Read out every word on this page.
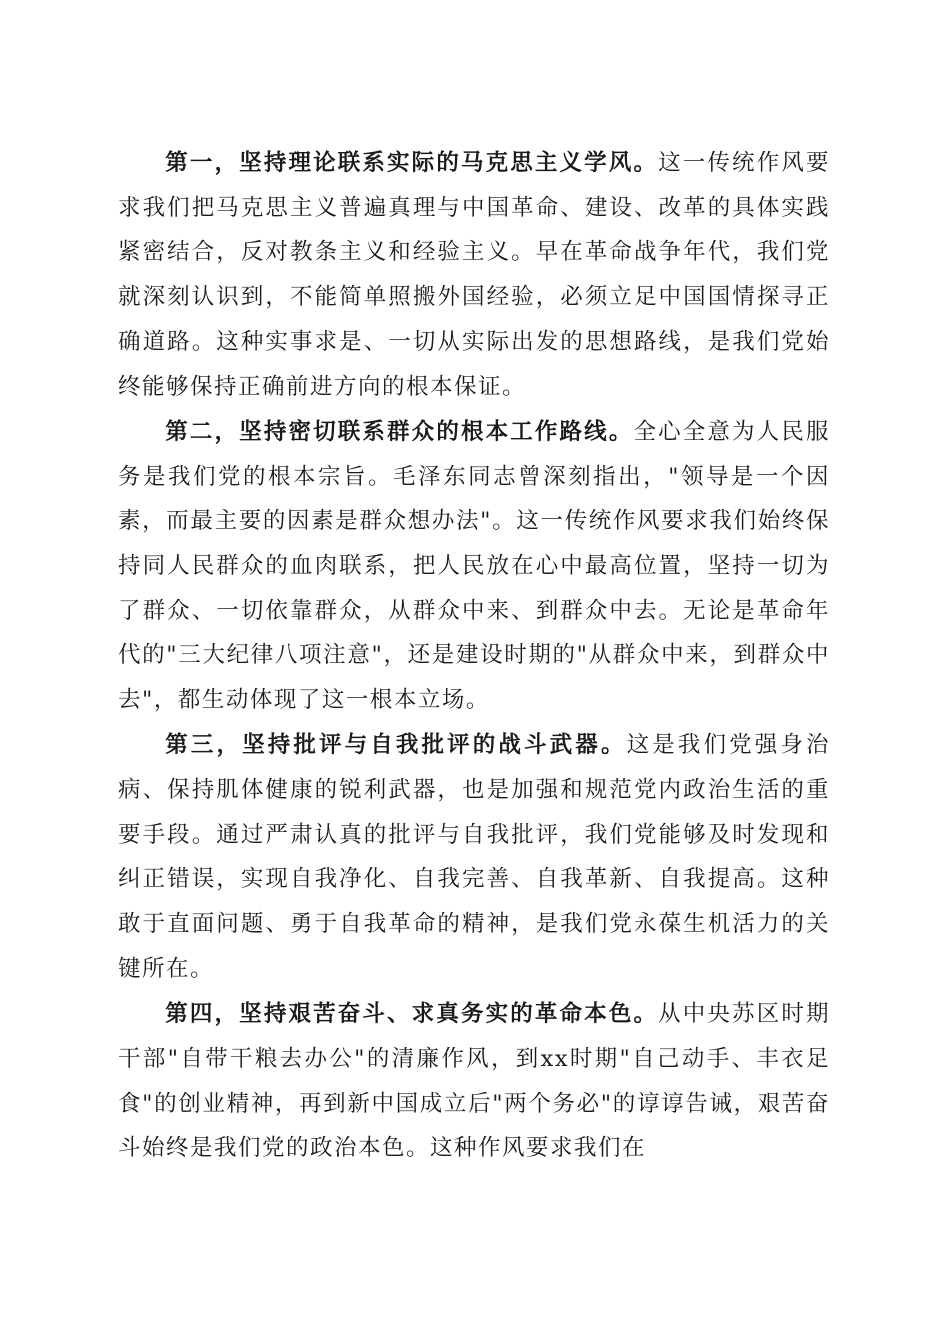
第一，坚持理论联系实际的马克思主义学风。这一传统作风要求我们把马克思主义普遍真理与中国革命、建设、改革的具体实践紧密结合，反对教条主义和经验主义。早在革命战争年代，我们党就深刻认识到，不能简单照搬外国经验，必须立足中国国情探寻正确道路。这种实事求是、一切从实际出发的思想路线，是我们党始终能够保持正确前进方向的根本保证。

第二，坚持密切联系群众的根本工作路线。全心全意为人民服务是我们党的根本宗旨。毛泽东同志曾深刻指出，"领导是一个因素，而最主要的因素是群众想办法"。这一传统作风要求我们始终保持同人民群众的血肉联系，把人民放在心中最高位置，坚持一切为了群众、一切依靠群众，从群众中来、到群众中去。无论是革命年代的"三大纪律八项注意"，还是建设时期的"从群众中来，到群众中去"，都生动体现了这一根本立场。

第三，坚持批评与自我批评的战斗武器。这是我们党强身治病、保持肌体健康的锐利武器，也是加强和规范党内政治生活的重要手段。通过严肃认真的批评与自我批评，我们党能够及时发现和纠正错误，实现自我净化、自我完善、自我革新、自我提高。这种敢于直面问题、勇于自我革命的精神，是我们党永葆生机活力的关键所在。

第四，坚持艰苦奋斗、求真务实的革命本色。从中央苏区时期干部"自带干粮去办公"的清廉作风，到xx时期"自己动手、丰衣足食"的创业精神，再到新中国成立后"两个务必"的谆谆告诫，艰苦奋斗始终是我们党的政治本色。这种作风要求我们在
